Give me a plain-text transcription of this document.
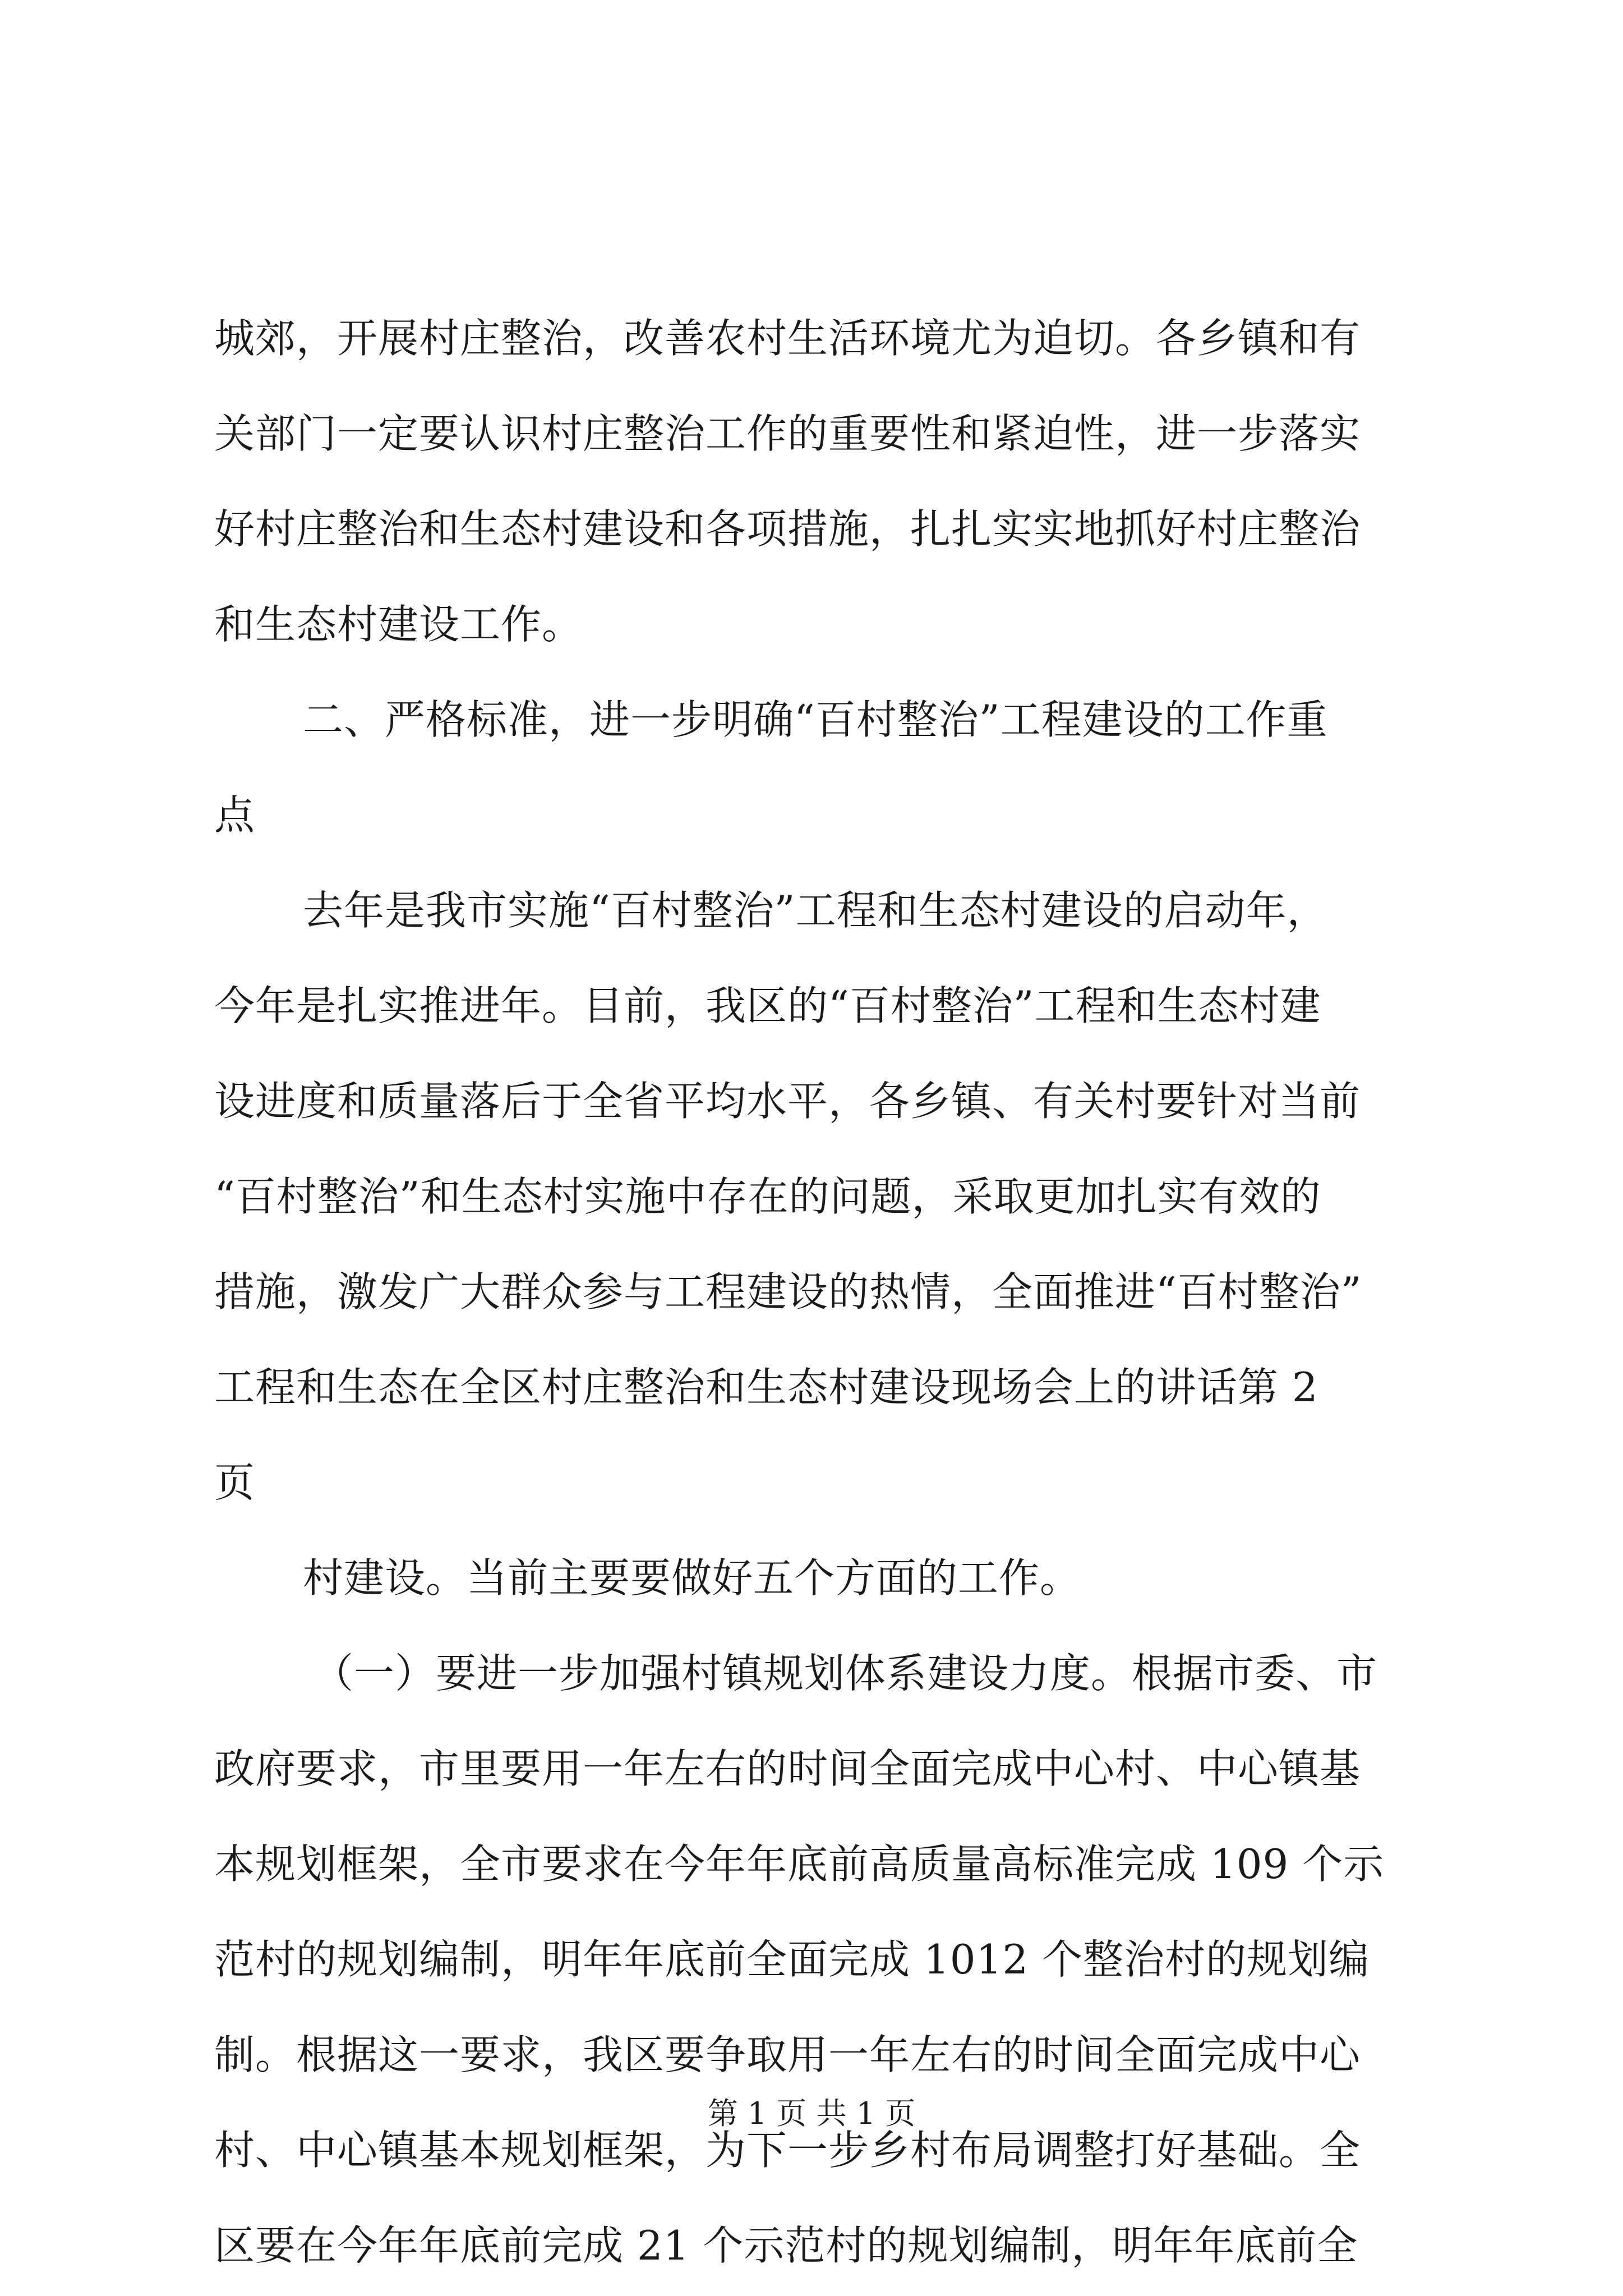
城郊，开展村庄整治，改善农村生活环境尤为迫切。各乡镇和有
关部门一定要认识村庄整治工作的重要性和紧迫性，进一步落实
好村庄整治和生态村建设和各项措施，扎扎实实地抓好村庄整治
和生态村建设工作。
二、严格标准，进一步明确“百村整治”工程建设的工作重
点
去年是我市实施“百村整治”工程和生态村建设的启动年，
今年是扎实推进年。目前，我区的“百村整治”工程和生态村建
设进度和质量落后于全省平均水平，各乡镇、有关村要针对当前
“百村整治”和生态村实施中存在的问题，采取更加扎实有效的
措施，激发广大群众参与工程建设的热情，全面推进“百村整治”
工程和生态在全区村庄整治和生态村建设现场会上的讲话第 2
页
村建设。当前主要要做好五个方面的工作。
（一）要进一步加强村镇规划体系建设力度。根据市委、市
政府要求，市里要用一年左右的时间全面完成中心村、中心镇基
本规划框架，全市要求在今年年底前高质量高标准完成 109 个示
范村的规划编制，明年年底前全面完成 1012 个整治村的规划编
制。根据这一要求，我区要争取用一年左右的时间全面完成中心
村、中心镇基本规划框架，为下一步乡村布局调整打好基础。全
区要在今年年底前完成 21 个示范村的规划编制，明年年底前全
第 1 页 共 1 页
